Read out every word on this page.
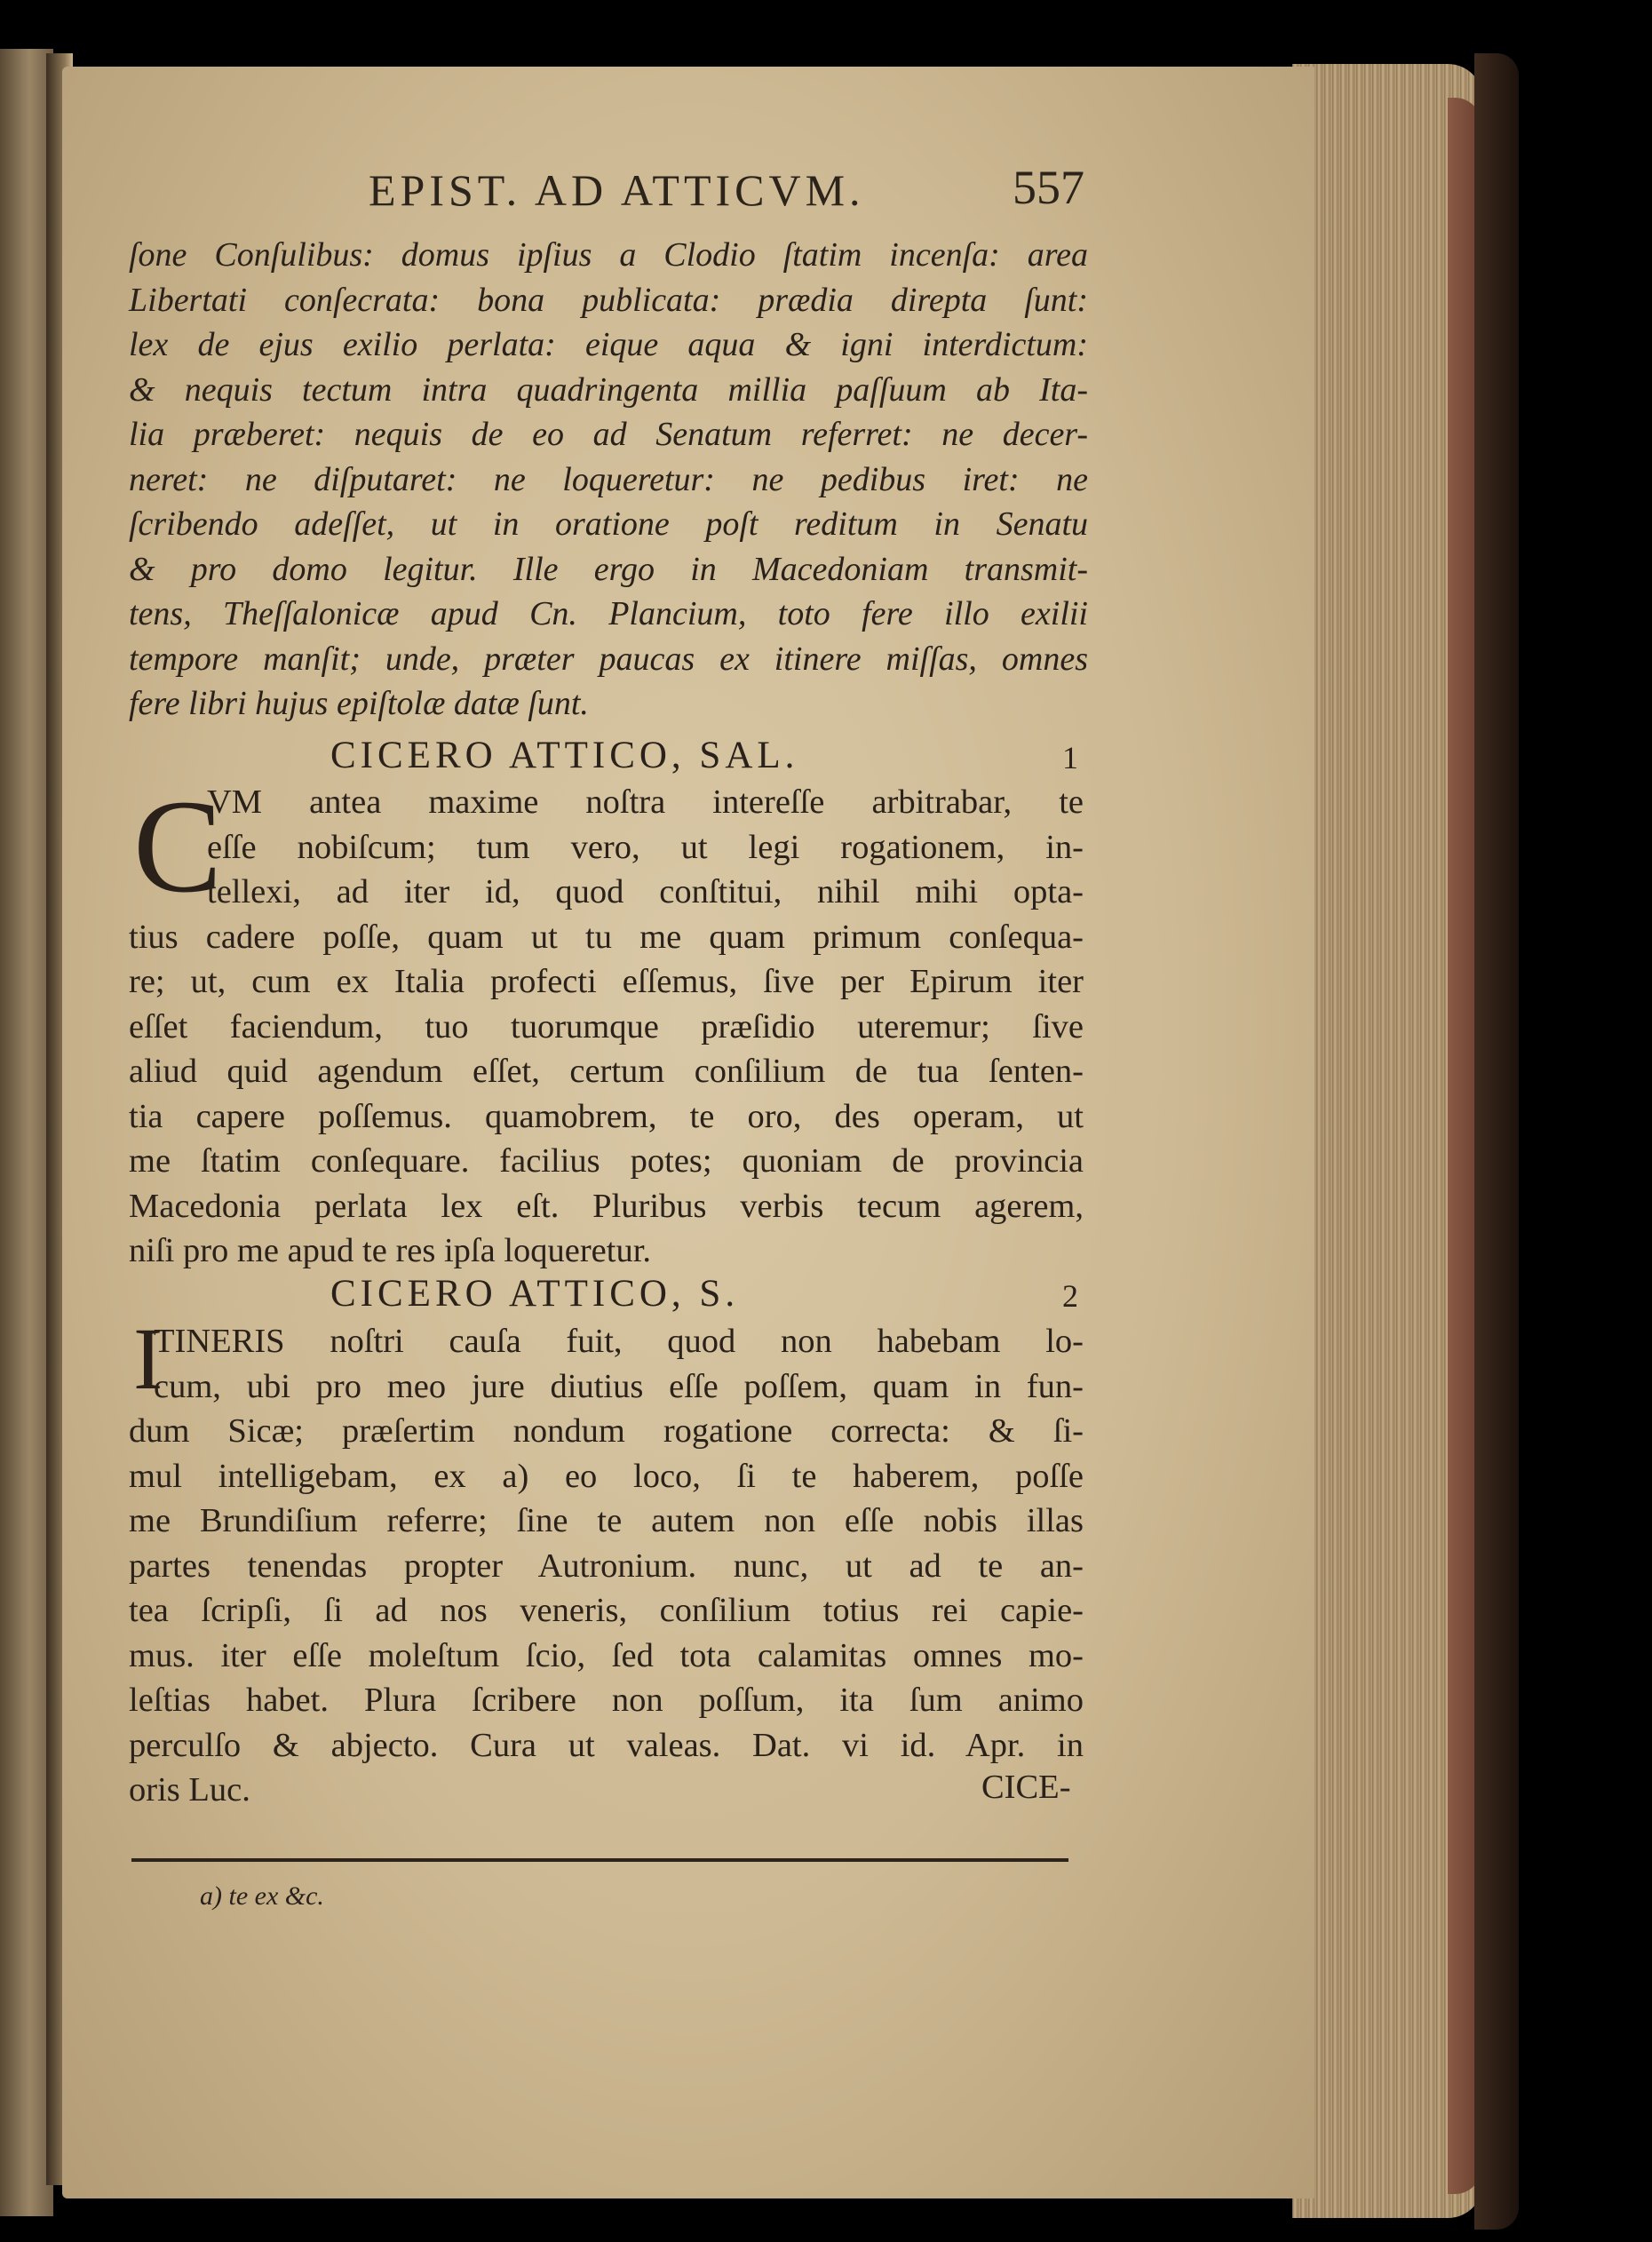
EPIST. AD ATTICVM.	557

ſone Conſulibus: domus ipſius a Clodio ſtatim incenſa: area

Libertati conſecrata: bona publicata: prædia direpta ſunt:

lex de ejus exilio perlata: eique aqua & igni interdictum:

& nequis tectum intra quadringenta millia paſſuum ab Ita-

lia præberet: nequis de eo ad Senatum referret: ne decer-

neret: ne diſputaret: ne loqueretur: ne pedibus iret: ne

ſcribendo adeſſet, ut in oratione poſt reditum in Senatu

& pro domo legitur. Ille ergo in Macedoniam transmit-

tens, Theſſalonicæ apud Cn. Plancium, toto fere illo exilii

tempore manſit; unde, præter paucas ex itinere miſſas, omnes

fere libri hujus epiſtolæ datæ ſunt.

CICERO ATTICO, SAL.	1
C

VM antea maxime noſtra intereſſe arbitrabar, te

eſſe nobiſcum; tum vero, ut legi rogationem, in-

tellexi, ad iter id, quod conſtitui, nihil mihi opta-

tius cadere poſſe, quam ut tu me quam primum conſequa-

re; ut, cum ex Italia profecti eſſemus, ſive per Epirum iter

eſſet faciendum, tuo tuorumque præſidio uteremur; ſive

aliud quid agendum eſſet, certum conſilium de tua ſenten-

tia capere poſſemus. quamobrem, te oro, des operam, ut

me ſtatim conſequare. facilius potes; quoniam de provincia

Macedonia perlata lex eſt. Pluribus verbis tecum agerem,

niſi pro me apud te res ipſa loqueretur.

CICERO ATTICO, S.	2
I

TINERIS noſtri cauſa fuit, quod non habebam lo-

cum, ubi pro meo jure diutius eſſe poſſem, quam in fun-

dum Sicæ; præſertim nondum rogatione correcta: & ſi-

mul intelligebam, ex a) eo loco, ſi te haberem, poſſe

me Brundiſium referre; ſine te autem non eſſe nobis illas

partes tenendas propter Autronium. nunc, ut ad te an-

tea ſcripſi, ſi ad nos veneris, conſilium totius rei capie-

mus. iter eſſe moleſtum ſcio, ſed tota calamitas omnes mo-

leſtias habet. Plura ſcribere non poſſum, ita ſum animo

perculſo & abjecto. Cura ut valeas. Dat. vi id. Apr. in

oris Luc.	CICE-
a) te ex &c.
